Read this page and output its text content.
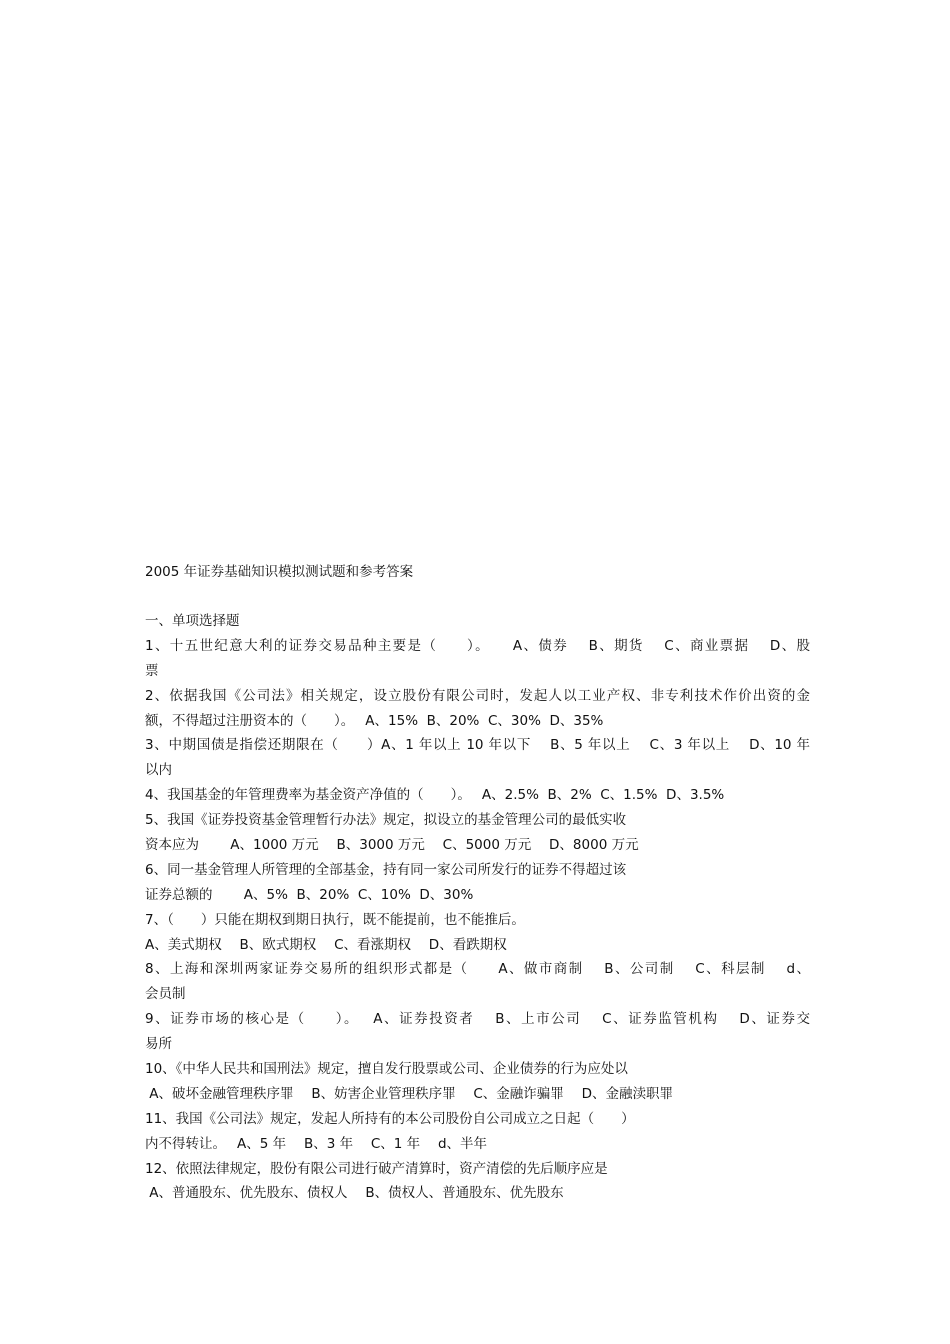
2005 年证券基础知识模拟测试题和参考答案
一、单项选择题
1、十五世纪意大利的证券交易品种主要是（　　）。　　A、债券　 B、期货　 C、商业票据　 D、股
票
2、依据我国《公司法》相关规定，设立股份有限公司时，发起人以工业产权、非专利技术作价出资的金
额，不得超过注册资本的（　　）。　 A、15%  B、20%  C、30%  D、35%
3、中期国债是指偿还期限在（　　）A、1 年以上 10 年以下　 B、5 年以上　 C、3 年以上　 D、10 年
以内
4、我国基金的年管理费率为基金资产净值的（　　）。　 A、2.5%  B、2%  C、1.5%  D、3.5%
5、我国《证券投资基金管理暂行办法》规定，拟设立的基金管理公司的最低实收
资本应为　　 A、1000 万元　 B、3000 万元　 C、5000 万元　 D、8000 万元
6、同一基金管理人所管理的全部基金，持有同一家公司所发行的证券不得超过该
证券总额的　　 A、5%  B、20%  C、10%  D、30%
7、（　　）只能在期权到期日执行，既不能提前，也不能推后。
A、美式期权　 B、欧式期权　 C、看涨期权　 D、看跌期权
8、上海和深圳两家证券交易所的组织形式都是（　　A、做市商制　 B、公司制　 C、科层制　 d、
会员制
9、证券市场的核心是（　　）。　 A、证券投资者　 B、上市公司　 C、证券监管机构　 D、证券交
易所
10、《中华人民共和国刑法》规定，擅自发行股票或公司、企业债券的行为应处以
A、破坏金融管理秩序罪　 B、妨害企业管理秩序罪　 C、金融诈骗罪　 D、金融渎职罪
11、我国《公司法》规定，发起人所持有的本公司股份自公司成立之日起（　　）
内不得转让。　 A、5 年　 B、3 年　 C、1 年　 d、半年
12、依照法律规定，股份有限公司进行破产清算时，资产清偿的先后顺序应是
A、普通股东、优先股东、债权人　 B、债权人、普通股东、优先股东
